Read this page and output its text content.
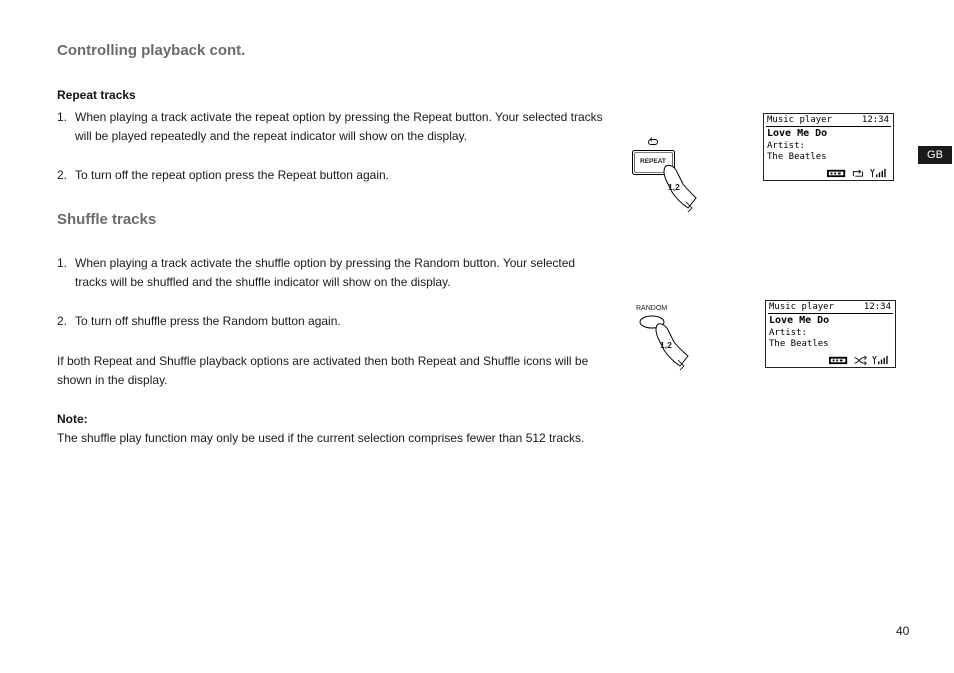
Controlling playback cont.
GB
Repeat tracks
1. When playing a track activate the repeat option by pressing the Repeat button. Your selected tracks will be played repeatedly and the repeat indicator will show on the display.
2. To turn off the repeat option press the Repeat button again.
Shuffle tracks
1. When playing a track activate the shuffle option by pressing the Random button. Your selected tracks will be shuffled and the shuffle indicator will show on the display.
2. To turn off shuffle press the Random button again.
If both Repeat and Shuffle playback options are activated then both Repeat and Shuffle icons will be shown in the display.
Note:
The shuffle play function may only be used if the current selection comprises fewer than 512 tracks.
40
REPEAT
1,2
Music player	12:34
Love Me Do
Artist:
The Beatles
RANDOM
1,2
Music player	12:34
Love Me Do
Artist:
The Beatles
